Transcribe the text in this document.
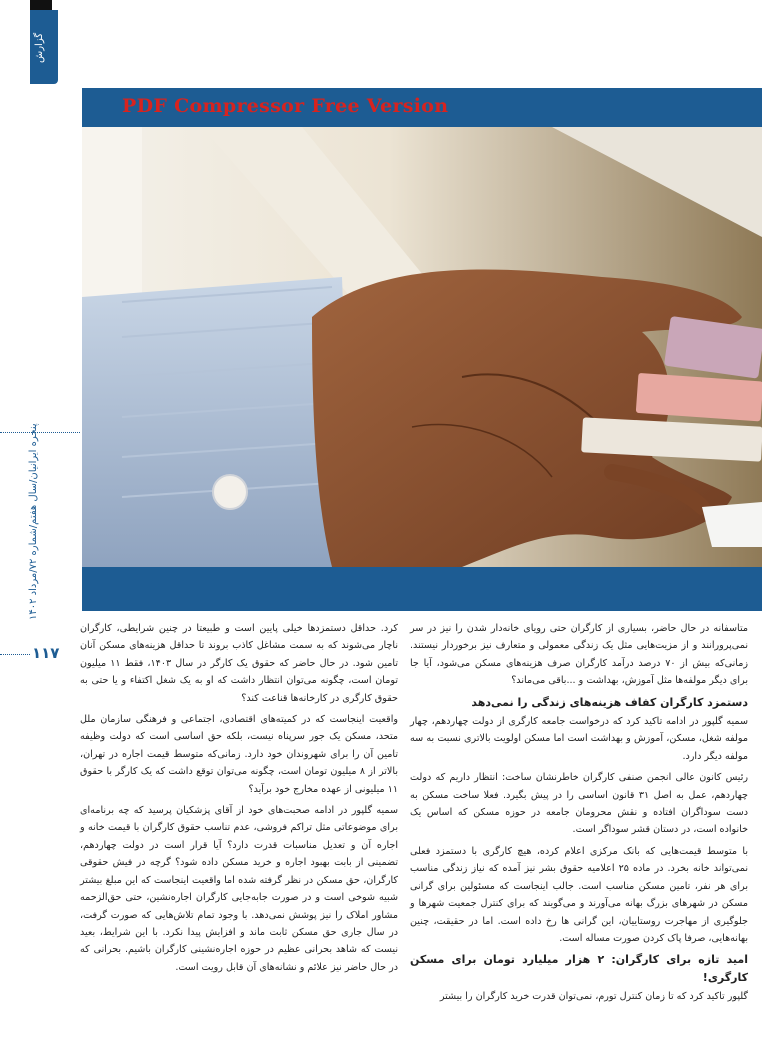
گزارش
PDF Compressor Free Version
پنجره ایرانیان/سال هفتم/شماره ۷۲/مرداد ۱۴۰۲
۱۱۷

متاسفانه در حال حاضر، بسیاری از کارگران حتی رویای خانه‌دار شدن را نیز در سر نمی‌پرورانند و از مزیت‌هایی مثل یک زندگی معمولی و متعارف نیز برخوردار نیستند. زمانی‌که بیش از ۷۰ درصد درآمد کارگران صرف هزینه‌های مسکن می‌شود، آیا جا برای دیگر مولفه‌ها مثل آموزش، بهداشت و ...باقی می‌ماند؟

دستمزد کارگران کفاف هزینه‌های زندگی را نمی‌دهد

سمیه گلپور در ادامه تاکید کرد که درخواست جامعه کارگری از دولت چهاردهم، چهار مولفه شغل، مسکن، آموزش و بهداشت است اما مسکن اولویت بالاتری نسبت به سه مولفه دیگر دارد.

رئیس کانون عالی انجمن صنفی کارگران خاطرنشان ساخت: انتظار داریم که دولت چهاردهم، عمل به اصل ۳۱ قانون اساسی را در پیش بگیرد. فعلا ساخت مسکن به دست سوداگران افتاده و نقش محرومان جامعه در حوزه مسکن که اساس یک خانواده است، در دستان قشر سوداگر است.

با متوسط قیمت‌هایی که بانک مرکزی اعلام کرده، هیچ کارگری با دستمزد فعلی نمی‌تواند خانه بخرد. در ماده ۲۵ اعلامیه حقوق بشر نیز آمده که نیاز زندگی مناسب برای هر نفر، تامین مسکن مناسب است. جالب اینجاست که مسئولین برای گرانی مسکن در شهرهای بزرگ بهانه می‌آورند و می‌گویند که برای کنترل جمعیت شهرها و جلوگیری از مهاجرت روستاییان، این گرانی ها رخ داده است. اما در حقیقت، چنین بهانه‌هایی، صرفا پاک کردن صورت مساله است.

امید تازه برای کارگران: ۲ هزار میلیارد تومان برای مسکن کارگری!

گلپور تاکید کرد که تا زمان کنترل تورم، نمی‌توان قدرت خرید کارگران را بیشتر

کرد. حداقل دستمزدها خیلی پایین است و طبیعتا در چنین شرایطی، کارگران ناچار می‌شوند که به سمت مشاغل کاذب بروند تا حداقل هزینه‌های مسکن آنان تامین شود. در حال حاضر که حقوق یک کارگر در سال ۱۴۰۳، فقط ۱۱ میلیون تومان است، چگونه می‌توان انتظار داشت که او به یک شغل اکتفاء و یا حتی به حقوق کارگری در کارخانه‌ها قناعت کند؟

واقعیت اینجاست که در کمیته‌های اقتصادی، اجتماعی و فرهنگی سازمان ملل متحد، مسکن یک جور سرپناه نیست، بلکه حق اساسی است که دولت وظیفه تامین آن را برای شهروندان خود دارد. زمانی‌که متوسط قیمت اجاره در تهران، بالاتر از ۸ میلیون تومان است، چگونه می‌توان توقع داشت که یک کارگر با حقوق ۱۱ میلیونی از عهده مخارج خود برآید؟

سمیه گلپور در ادامه صحبت‌های خود از آقای پزشکیان پرسید که چه برنامه‌ای برای موضوعاتی مثل تراکم فروشی، عدم تناسب حقوق کارگران با قیمت خانه و اجاره آن و تعدیل مناسبات قدرت دارد؟ آیا قرار است در دولت چهاردهم، تضمینی از بابت بهبود اجاره و خرید مسکن داده شود؟ گرچه در فیش حقوقی کارگران، حق مسکن در نظر گرفته شده اما واقعیت اینجاست که این مبلغ بیشتر شبیه شوخی است و در صورت جابه‌جایی کارگران اجاره‌نشین، حتی حق‌الزحمه مشاور املاک را نیز پوشش نمی‌دهد. با وجود تمام تلاش‌هایی که صورت گرفت، در سال جاری حق مسکن ثابت ماند و افزایش پیدا نکرد. با این شرایط، بعید نیست که شاهد بحرانی عظیم در حوزه اجاره‌نشینی کارگران باشیم. بحرانی که در حال حاضر نیز علائم و نشانه‌های آن قابل رویت است.
